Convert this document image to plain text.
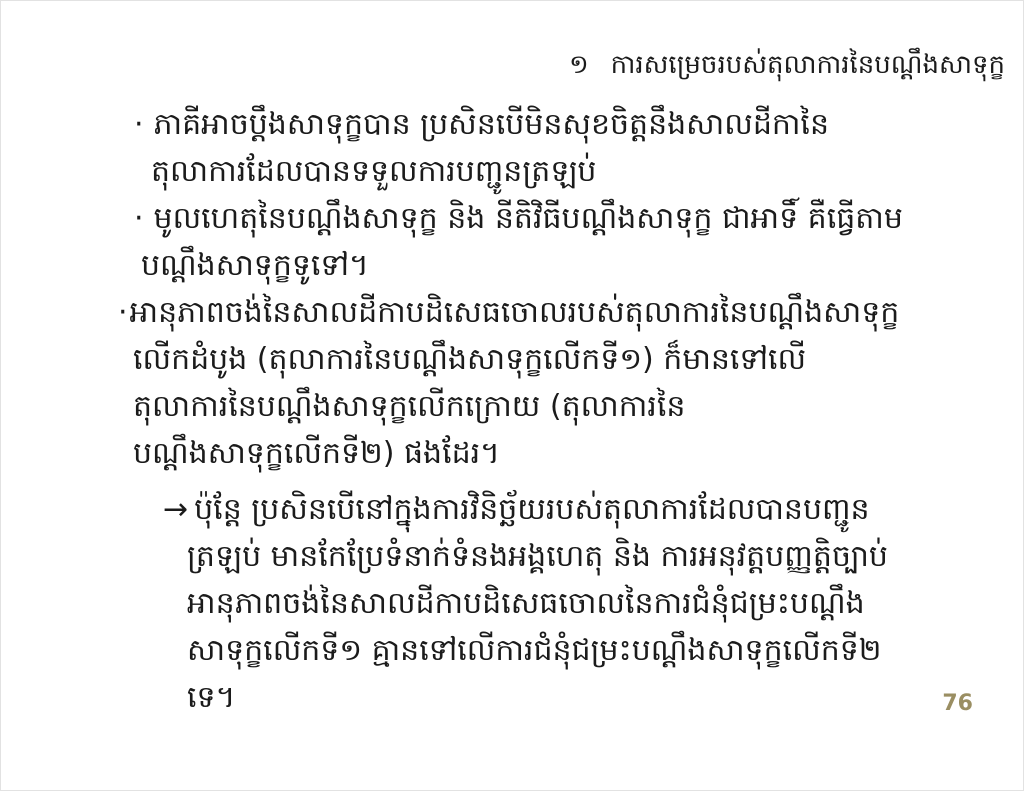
១ ការសម្រេចរបស់តុលាការនៃបណ្ដឹងសាទុក្ខ
· ភាគីអាចប្ដឹងសាទុក្ខបាន ប្រសិនបើមិនសុខចិត្តនឹងសាលដីកានៃ
តុលាការដែលបានទទួលការបញ្ជូនត្រឡប់
· មូលហេតុនៃបណ្ដឹងសាទុក្ខ និង នីតិវិធីបណ្ដឹងសាទុក្ខ ជាអាទិ៍ គឺធ្វើតាម
បណ្ដឹងសាទុក្ខទូទៅ។
·អានុភាពចង់នៃសាលដីកាបដិសេធចោលរបស់តុលាការនៃបណ្ដឹងសាទុក្ខ
លើកដំបូង (តុលាការនៃបណ្ដឹងសាទុក្ខលើកទី១) ក៏មានទៅលើ
តុលាការនៃបណ្ដឹងសាទុក្ខលើកក្រោយ (តុលាការនៃ
បណ្ដឹងសាទុក្ខលើកទី២) ផងដែរ។
→ ប៉ុន្តែ ប្រសិនបើនៅក្នុងការវិនិច្ឆ័យរបស់តុលាការដែលបានបញ្ជូន
ត្រឡប់ មានកែប្រែទំនាក់ទំនងអង្គហេតុ និង ការអនុវត្តបញ្ញត្តិច្បាប់
អានុភាពចង់នៃសាលដីកាបដិសេធចោលនៃការជំនុំជម្រះបណ្ដឹង
សាទុក្ខលើកទី១ គ្មានទៅលើការជំនុំជម្រះបណ្ដឹងសាទុក្ខលើកទី២
ទេ។	76
